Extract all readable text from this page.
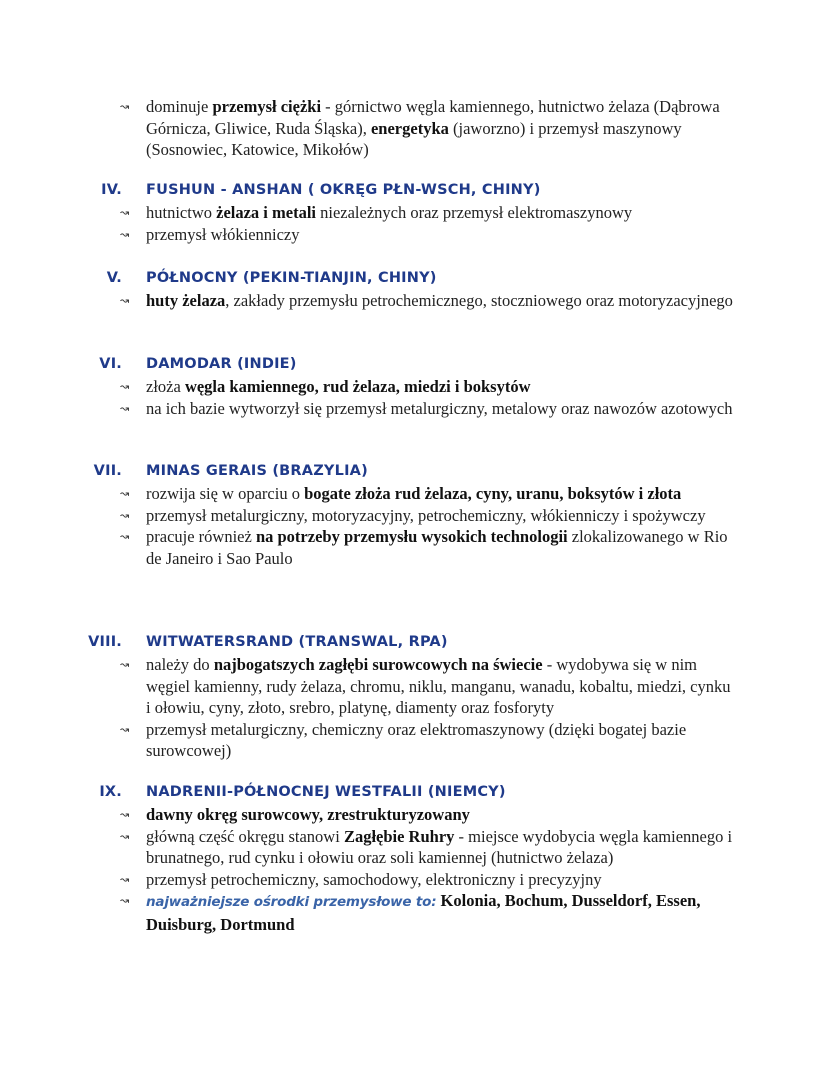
↝ dominuje przemysł ciężki - górnictwo węgla kamiennego, hutnictwo żelaza (Dąbrowa Górnicza, Gliwice, Ruda Śląska), energetyka (jaworzno) i przemysł maszynowy (Sosnowiec, Katowice, Mikołów)
IV. FUSHUN - ANSHAN ( OKRĘG PŁN-WSCH, CHINY)
↝ hutnictwo żelaza i metali niezależnych oraz przemysł elektromaszynowy
↝ przemysł włókienniczy
V. PÓŁNOCNY (PEKIN-TIANJIN, CHINY)
↝ huty żelaza, zakłady przemysłu petrochemicznego, stoczniowego oraz motoryzacyjnego
VI. DAMODAR (INDIE)
↝ złoża węgla kamiennego, rud żelaza, miedzi i boksytów
↝ na ich bazie wytworzył się przemysł metalurgiczny, metalowy oraz nawozów azotowych
VII. MINAS GERAIS (BRAZYLIA)
↝ rozwija się w oparciu o bogate złoża rud żelaza, cyny, uranu, boksytów i złota
↝ przemysł metalurgiczny, motoryzacyjny, petrochemiczny, włókienniczy i spożywczy
↝ pracuje również na potrzeby przemysłu wysokich technologii zlokalizowanego w Rio de Janeiro i Sao Paulo
VIII. WITWATERSRAND (TRANSWAL, RPA)
↝ należy do najbogatszych zagłębi surowcowych na świecie - wydobywa się w nim węgiel kamienny, rudy żelaza, chromu, niklu, manganu, wanadu, kobaltu, miedzi, cynku i ołowiu, cyny, złoto, srebro, platynę, diamenty oraz fosforyty
↝ przemysł metalurgiczny, chemiczny oraz elektromaszynowy (dzięki bogatej bazie surowcowej)
IX. NADRENII-PÓŁNOCNEJ WESTFALII (NIEMCY)
↝ dawny okręg surowcowy, zrestrukturyzowany
↝ główną część okręgu stanowi Zagłębie Ruhry - miejsce wydobycia węgla kamiennego i brunatnego, rud cynku i ołowiu oraz soli kamiennej (hutnictwo żelaza)
↝ przemysł petrochemiczny, samochodowy, elektroniczny i precyzyjny
↝ najważniejsze ośrodki przemysłowe to: Kolonia, Bochum, Dusseldorf, Essen, Duisburg, Dortmund
